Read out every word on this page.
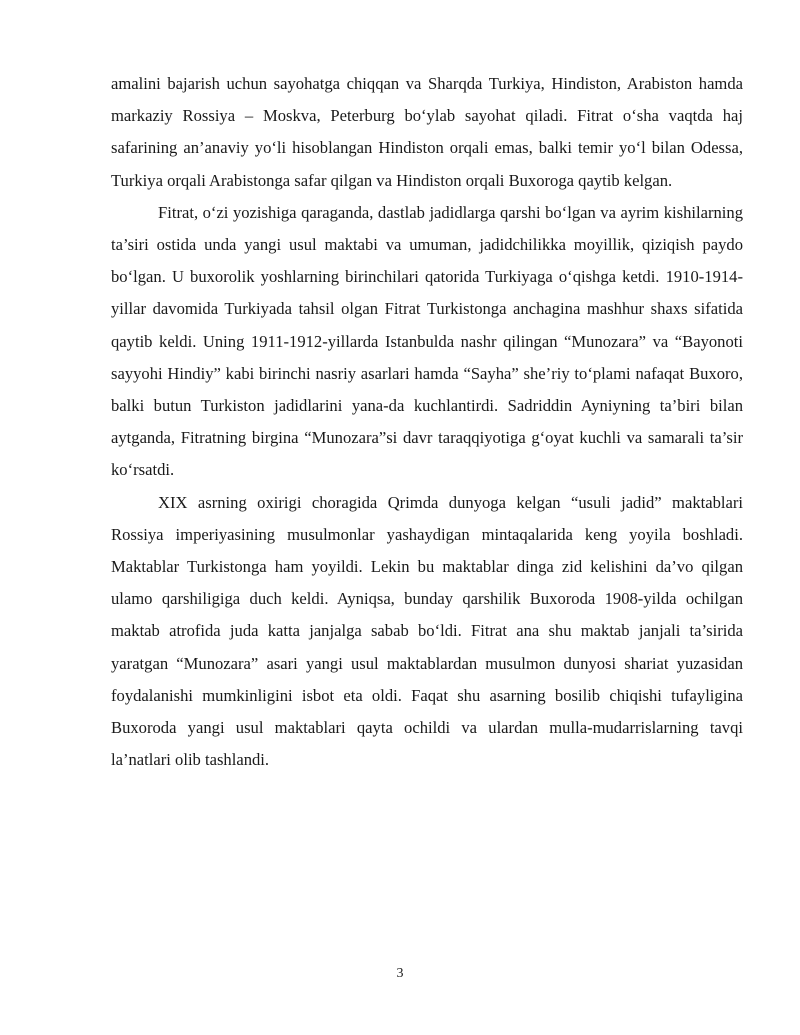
amalini bajarish uchun sayohatga chiqqan va Sharqda Turkiya, Hindiston, Arabiston hamda markaziy Rossiya – Moskva, Peterburg bo‘ylab sayohat qiladi. Fitrat o‘sha vaqtda haj safarining an’anaviy yo‘li hisoblangan Hindiston orqali emas, balki temir yo‘l bilan Odessa, Turkiya orqali Arabistonga safar qilgan va Hindiston orqali Buxoroga qaytib kelgan.

Fitrat, o‘zi yozishiga qaraganda, dastlab jadidlarga qarshi bo‘lgan va ayrim kishilarning ta’siri ostida unda yangi usul maktabi va umuman, jadidchilikka moyillik, qiziqish paydo bo‘lgan. U buxorolik yoshlarning birinchilari qatorida Turkiyaga o‘qishga ketdi. 1910-1914-yillar davomida Turkiyada tahsil olgan Fitrat Turkistonga anchagina mashhur shaxs sifatida qaytib keldi. Uning 1911-1912-yillarda Istanbulda nashr qilingan “Munozara” va “Bayonoti sayyohi Hindiy” kabi birinchi nasriy asarlari hamda “Sayha” she’riy to‘plami nafaqat Buxoro, balki butun Turkiston jadidlarini yana-da kuchlantirdi. Sadriddin Ayniyning ta’biri bilan aytganda, Fitratning birgina “Munozara”si davr taraqqiyotiga g‘oyat kuchli va samarali ta’sir ko‘rsatdi.

XIX asrning oxirigi choragida Qrimda dunyoga kelgan “usuli jadid” maktablari Rossiya imperiyasining musulmonlar yashaydigan mintaqalarida keng yoyila boshladi. Maktablar Turkistonga ham yoyildi. Lekin bu maktablar dinga zid kelishini da’vo qilgan ulamo qarshiligiga duch keldi. Ayniqsa, bunday qarshilik Buxoroda 1908-yilda ochilgan maktab atrofida juda katta janjalga sabab bo‘ldi. Fitrat ana shu maktab janjali ta’sirida yaratgan “Munozara” asari yangi usul maktablardan musulmon dunyosi shariat yuzasidan foydalanishi mumkinligini isbot eta oldi. Faqat shu asarning bosilib chiqishi tufayligina Buxoroda yangi usul maktablari qayta ochildi va ulardan mulla-mudarrislarning tavqi la’natlari olib tashlandi.

3
